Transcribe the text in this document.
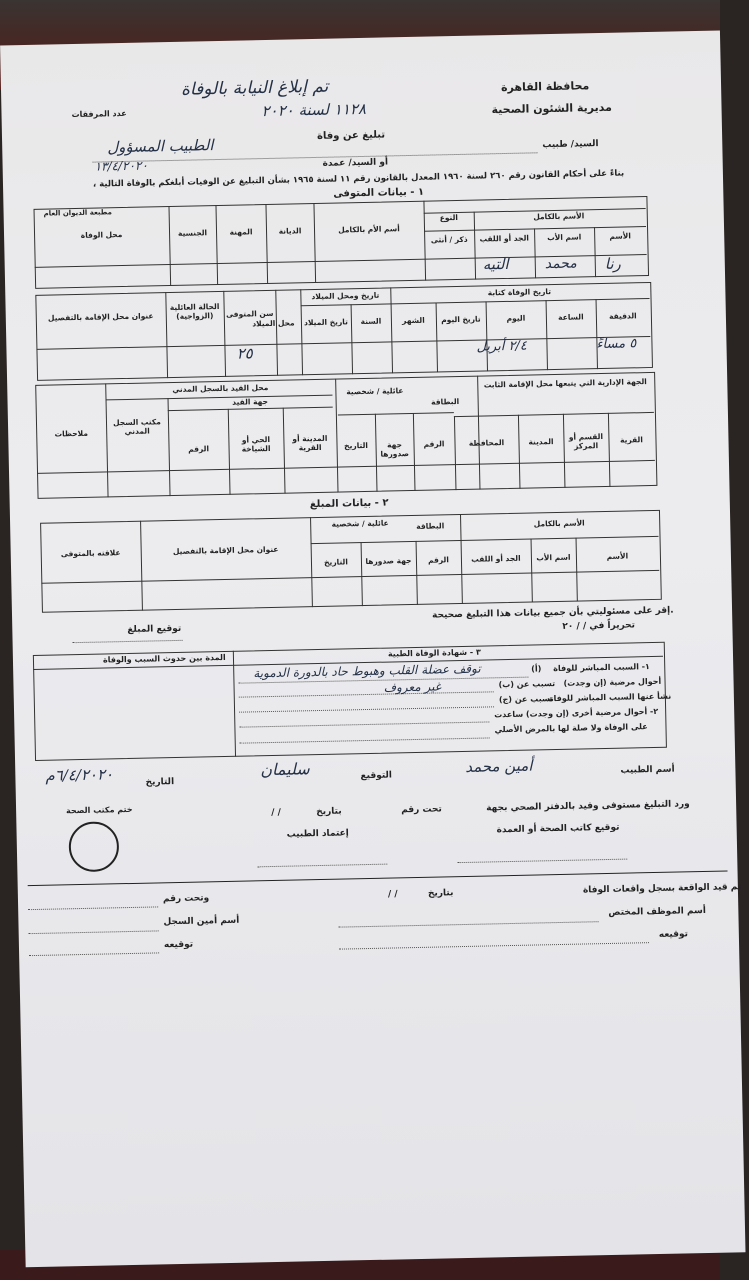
محافظة القاهرة
مديرية الشئون الصحية
عدد المرفقات
تبليغ عن وفاة
السيد/ طبيب
أو السيد/ عمدة
بناءً على أحكام القانون رقم ٢٦٠ لسنة ١٩٦٠ المعدل بالقانون رقم ١١ لسنة ١٩٦٥ بشأن التبليغ عن الوفيات أبلغكم بالوفاة التالية ،
مطبعة الديوان العام
تم إبلاغ النيابة بالوفاة
١١٢٨ لسنة ٢٠٢٠
الطبيب المسؤول
١٣/٤/٢٠٢٠
١ - بيانات المتوفى
الأسم بالكامل
الأسم
اسم الأب
الجد أو اللقب
النوع
ذكر / أنثى
أسم الأم بالكامل
الديانة
المهنة
الجنسية
محل الوفاة
رنا
محمد
التيه
تاريخ الوفاة كتابة
الدقيقة
الساعة
اليوم
تاريخ اليوم
الشهر
السنة
تاريخ ومحل الميلاد
تاريخ الميلاد
محل الميلاد
سن المتوفى
الحالة العائلية (الزواجية)
عنوان محل الإقامة بالتفصيل
٢٥
٥ مساءً
٢/٤ أبريل
الجهة الإدارية التي يتبعها محل الإقامة الثابت
القرية
القسم أو المركز
المدينة
المحافظة
البطاقة
عائلية / شخصية
الرقم
جهة صدورها
التاريخ
محل القيد بالسجل المدني
جهة القيد
المدينة أو القرية
الحي أو الشياخة
الرقم
مكتب السجل المدني
ملاحظات
٢ - بيانات المبلغ
الأسم بالكامل
الأسم
اسم الأب
الجد أو اللقب
البطاقة
عائلية / شخصية
الرقم
جهة صدورها
التاريخ
عنوان محل الإقامة بالتفصيل
علاقته بالمتوفى
إقر على مسئوليتي بأن جميع بيانات هذا التبليغ صحيحة.
تحريراً في / / ٢٠
توقيع المبلغ
٣ - شهادة الوفاة الطبية
المدة بين حدوث السبب والوفاة
١- السبب المباشر للوفاة
(أ)
أحوال مرضية (إن وجدت)
(ب) تسبب عن
نشأ عنها السبب المباشر للوفاة
(ج) تسبب عن
٢- أحوال مرضية أخرى (إن وجدت) ساعدت
على الوفاة ولا صلة لها بالمرض الأصلي
توقف عضلة القلب وهبوط حاد بالدورة الدموية
غير معروف
أسم الطبيب
أمين محمد
التوقيع
سليمان
التاريخ
٦/٤/٢٠٢٠م
ختم مكتب الصحة	ورد التبليغ مستوفى وقيد بالدفتر الصحي بجهة
تحت رقم
بتاريخ
/ /
توقيع كاتب الصحة أو العمدة
إعتماد الطبيب
تم قيد الواقعة بسجل واقعات الوفاة
بتاريخ
/ /
وتحت رقم
أسم الموظف المختص
أسم أمين السجل
توقيعه
توقيعه
